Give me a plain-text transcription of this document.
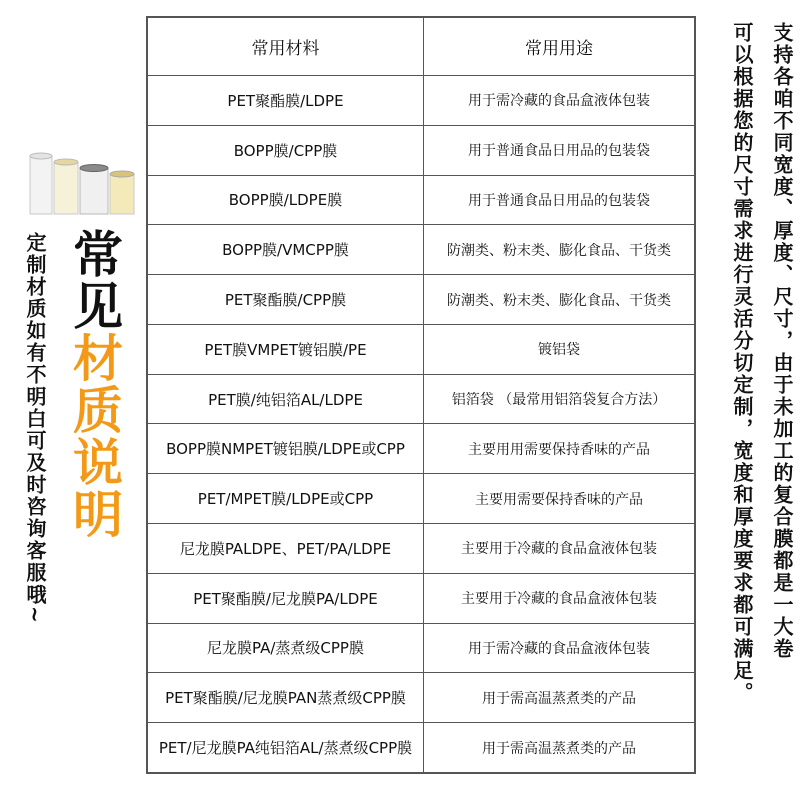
常见材质说明
定制材质如有不明白可及时咨询客服哦~
常用材料	常用用途
PET聚酯膜/LDPE	用于需冷藏的食品盒液体包装
BOPP膜/CPP膜	用于普通食品日用品的包装袋
BOPP膜/LDPE膜	用于普通食品日用品的包装袋
BOPP膜/VMCPP膜	防潮类、粉末类、膨化食品、干货类
PET聚酯膜/CPP膜	防潮类、粉末类、膨化食品、干货类
PET膜VMPET镀铝膜/PE	镀铝袋
PET膜/纯铝箔AL/LDPE	铝箔袋 （最常用铝箔袋复合方法）
BOPP膜NMPET镀铝膜/LDPE或CPP	主要用用需要保持香味的产品
PET/MPET膜/LDPE或CPP	主要用需要保持香味的产品
尼龙膜PALDPE、PET/PA/LDPE	主要用于冷藏的食品盒液体包装
PET聚酯膜/尼龙膜PA/LDPE	主要用于冷藏的食品盒液体包装
尼龙膜PA/蒸煮级CPP膜	用于需冷藏的食品盒液体包装
PET聚酯膜/尼龙膜PAN蒸煮级CPP膜	用于需高温蒸煮类的产品
PET/尼龙膜PA纯铝箔AL/蒸煮级CPP膜	用于需高温蒸煮类的产品
支持各咱不同宽度、厚度、尺寸，由于未加工的复合膜都是一大卷
可以根据您的尺寸需求进行灵活分切定制，宽度和厚度要求都可满足。
